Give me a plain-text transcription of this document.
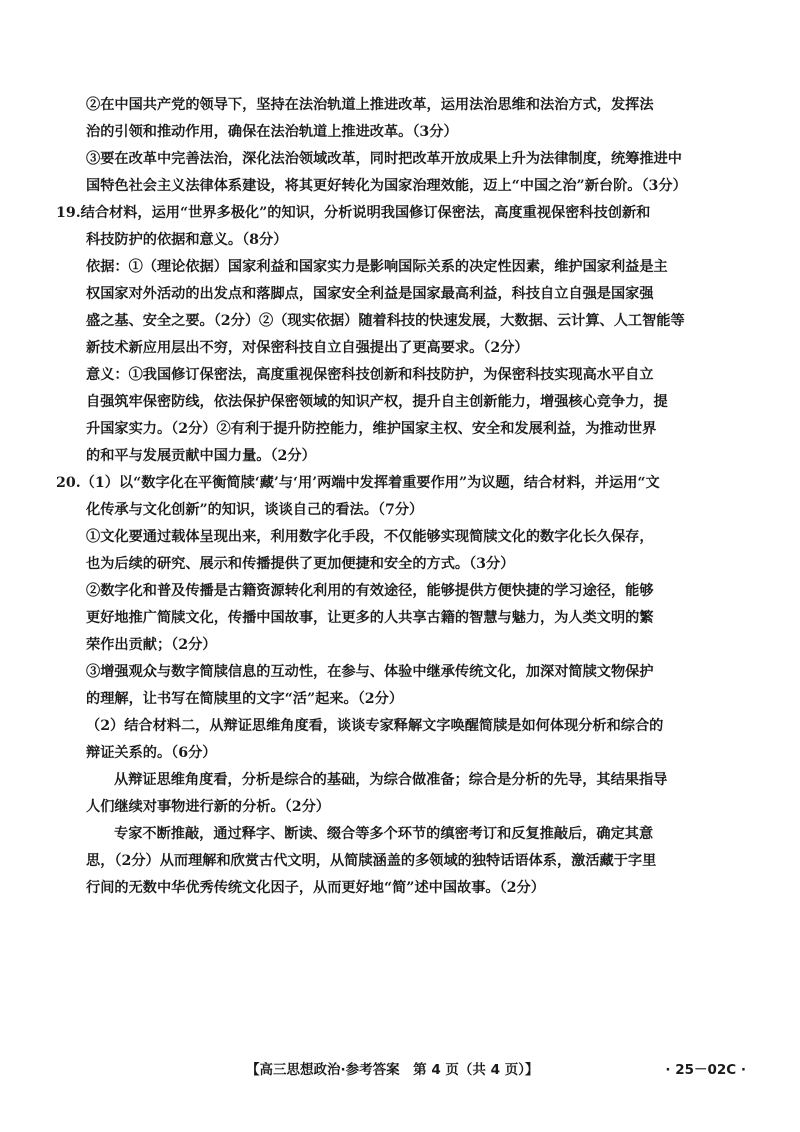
②在中国共产党的领导下，坚持在法治轨道上推进改革，运用法治思维和法治方式，发挥法
治的引领和推动作用，确保在法治轨道上推进改革。（3分）
③要在改革中完善法治，深化法治领域改革，同时把改革开放成果上升为法律制度，统筹推进中
国特色社会主义法律体系建设，将其更好转化为国家治理效能，迈上“中国之治”新台阶。（3分）
19.结合材料，运用“世界多极化”的知识，分析说明我国修订保密法，高度重视保密科技创新和
科技防护的依据和意义。（8分）
依据：①（理论依据）国家利益和国家实力是影响国际关系的决定性因素，维护国家利益是主
权国家对外活动的出发点和落脚点，国家安全利益是国家最高利益，科技自立自强是国家强
盛之基、安全之要。（2分）②（现实依据）随着科技的快速发展，大数据、云计算、人工智能等
新技术新应用层出不穷，对保密科技自立自强提出了更高要求。（2分）
意义：①我国修订保密法，高度重视保密科技创新和科技防护，为保密科技实现高水平自立
自强筑牢保密防线，依法保护保密领域的知识产权，提升自主创新能力，增强核心竞争力，提
升国家实力。（2分）②有利于提升防控能力，维护国家主权、安全和发展利益，为推动世界
的和平与发展贡献中国力量。（2分）
20.（1）以“数字化在平衡简牍‘藏’与‘用’两端中发挥着重要作用”为议题，结合材料，并运用“文
化传承与文化创新”的知识，谈谈自己的看法。（7分）
①文化要通过载体呈现出来，利用数字化手段，不仅能够实现简牍文化的数字化长久保存，
也为后续的研究、展示和传播提供了更加便捷和安全的方式。（3分）
②数字化和普及传播是古籍资源转化利用的有效途径，能够提供方便快捷的学习途径，能够
更好地推广简牍文化，传播中国故事，让更多的人共享古籍的智慧与魅力，为人类文明的繁
荣作出贡献；（2分）
③增强观众与数字简牍信息的互动性，在参与、体验中继承传统文化，加深对简牍文物保护
的理解，让书写在简牍里的文字“活”起来。（2分）
（2）结合材料二，从辩证思维角度看，谈谈专家释解文字唤醒简牍是如何体现分析和综合的
辩证关系的。（6分）
从辩证思维角度看，分析是综合的基础，为综合做准备；综合是分析的先导，其结果指导
人们继续对事物进行新的分析。（2分）
专家不断推敲，通过释字、断读、缀合等多个环节的缜密考订和反复推敲后，确定其意
思，（2分）从而理解和欣赏古代文明，从简牍涵盖的多领域的独特话语体系，激活藏于字里
行间的无数中华优秀传统文化因子，从而更好地“简”述中国故事。（2分）
【高三思想政治·参考答案　第 4 页（共 4 页）】	· 25－02C ·
